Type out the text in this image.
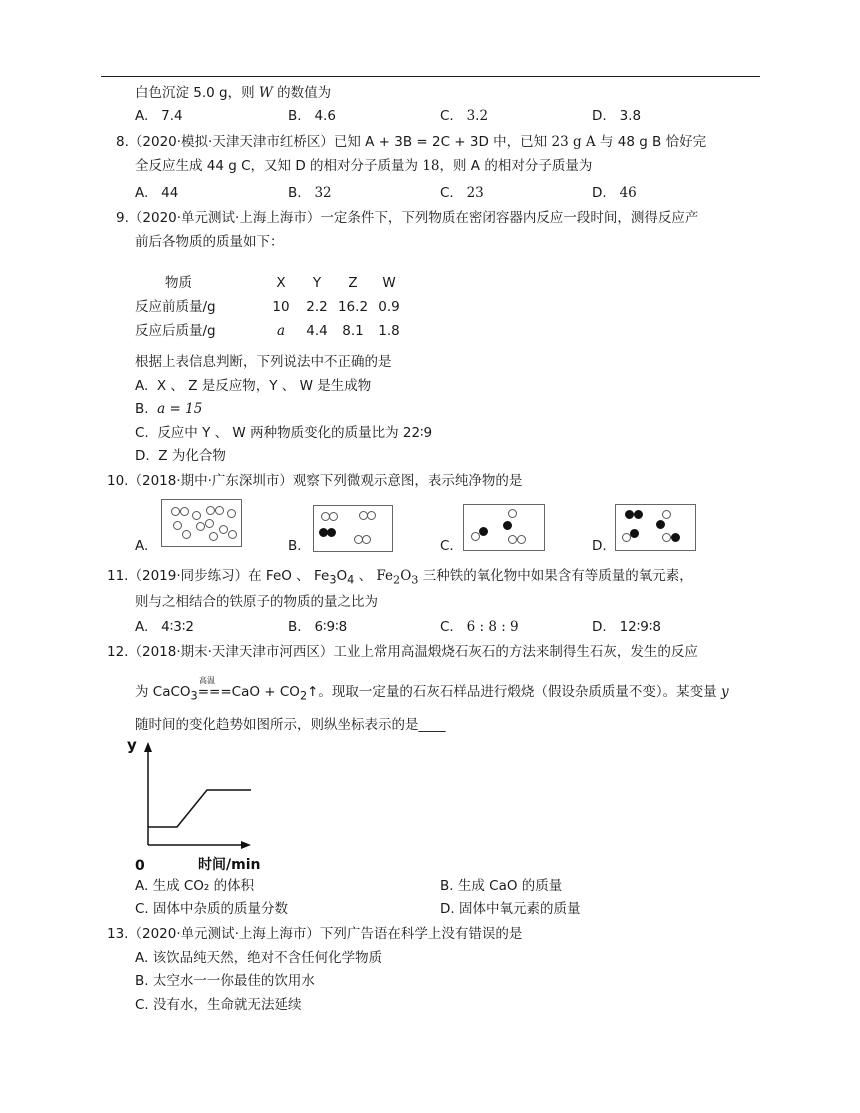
白色沉淀 5.0 g，则 W 的数值为
A. 7.4	B. 4.6	C. 3.2	D. 3.8
8.（2020·模拟·天津天津市红桥区）已知 A + 3B = 2C + 3D 中，已知 23 g A 与 48 g B 恰好完
全反应生成 44 g C，又知 D 的相对分子质量为 18，则 A 的相对分子质量为
A. 44	B. 32	C. 23	D. 46
9.（2020·单元测试·上海上海市）一定条件下，下列物质在密闭容器内反应一段时间，测得反应产
前后各物质的质量如下：
物质	X	Y	Z	W
反应前质量/g	10	2.2	16.2	0.9
反应后质量/g	a	4.4	8.1	1.8
根据上表信息判断，下列说法中不正确的是
A. X 、 Z 是反应物，Y 、 W 是生成物
B. a = 15
C. 反应中 Y 、 W 两种物质变化的质量比为 22∶9
D. Z 为化合物
10.（2018·期中·广东深圳市）观察下列微观示意图，表示纯净物的是
A.	B.	C.	D.
11.（2019·同步练习）在 FeO 、 $Fe_3O_4$ 、 $Fe_2O_3$ 三种铁的氧化物中如果含有等质量的氧元素，
则与之相结合的铁原子的物质的量之比为
A. 4∶3∶2	B. 6∶9∶8	C. 6 : 8 : 9	D. 12∶9∶8
12.（2018·期末·天津天津市河西区）工业上常用高温煅烧石灰石的方法来制得生石灰，发生的反应
高温
为 CaCO$_3$===CaO + $CO_2↑$。现取一定量的石灰石样品进行煅烧（假设杂质质量不变）。某变量 y
随时间的变化趋势如图所示，则纵坐标表示的是____
y
0	时间/min
A. 生成 CO₂ 的体积	B. 生成 CaO 的质量
C. 固体中杂质的质量分数	D. 固体中氧元素的质量
13.（2020·单元测试·上海上海市）下列广告语在科学上没有错误的是
A. 该饮品纯天然，绝对不含任何化学物质
B. 太空水一一你最佳的饮用水
C. 没有水，生命就无法延续
